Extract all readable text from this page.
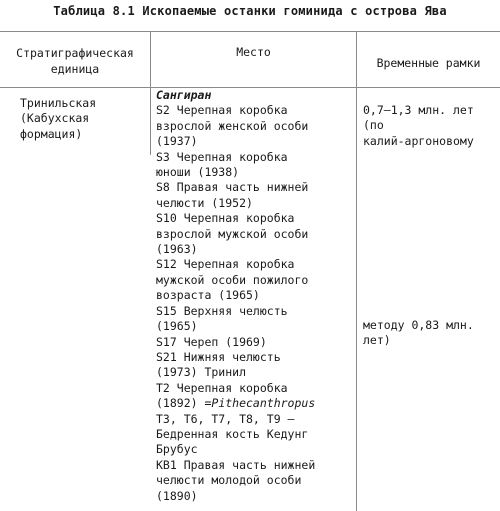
Таблица 8.1 Ископаемые останки гоминида с острова Ява
Стратиграфическая
единица
Место
Временные рамки
Тринильская
(Кабухская
формация)
Сангиран
S2 Черепная коробка
взрослой женской особи
(1937)
S3 Черепная коробка
юноши (1938)
S8 Правая часть нижней
челюсти (1952)
S10 Черепная коробка
взрослой мужской особи
(1963)
S12 Черепная коробка
мужской особи пожилого
возраста (1965)
S15 Верхняя челюсть
(1965)
S17 Череп (1969)
S21 Нижняя челюсть
(1973) Тринил
T2 Черепная коробка
(1892) =Pithecanthropus
T3, T6, T7, T8, T9 –
Бедренная кость Кедунг
Брубус
КВ1 Правая часть нижней
челюсти молодой особи
(1890)
0,7–1,3 млн. лет
(по
калий-аргоновому
методу 0,83 млн.
лет)
